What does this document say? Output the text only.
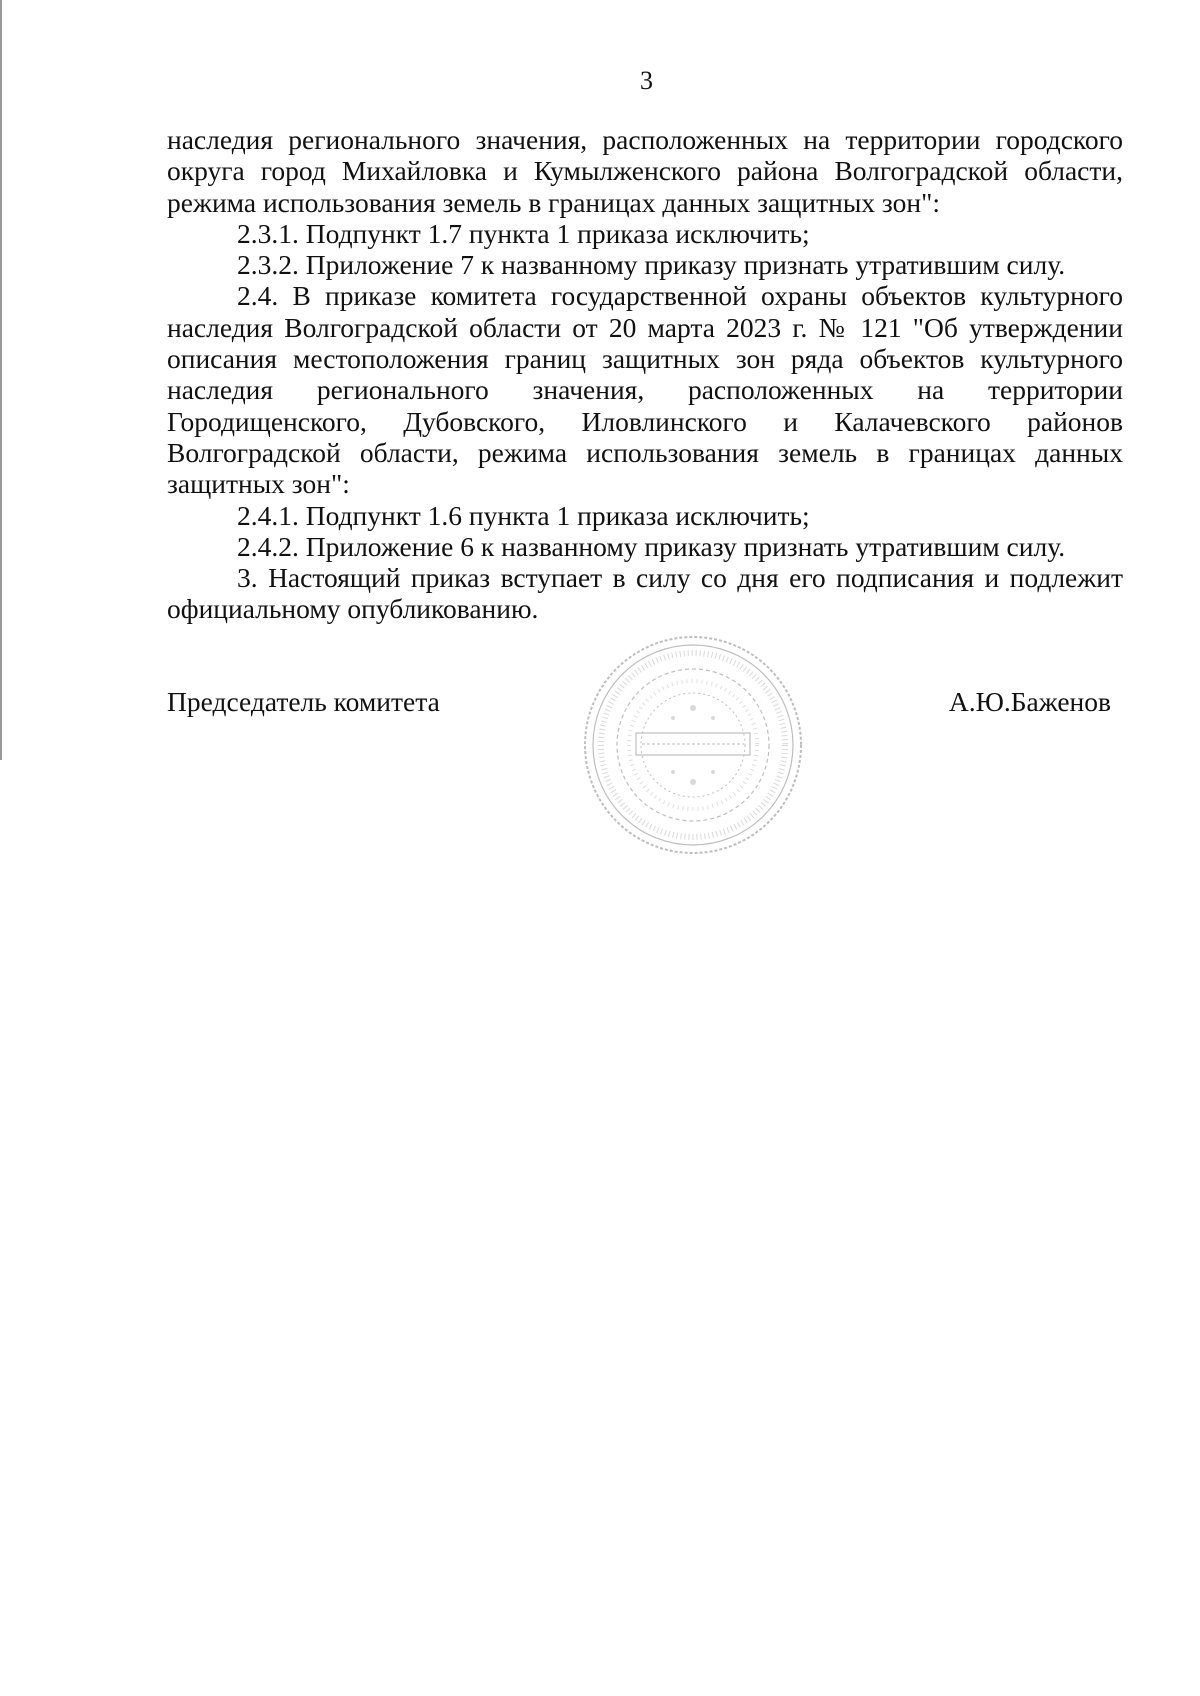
3

наследия регионального значения, расположенных на территории городского округа город Михайловка и Кумылженского района Волгоградской области, режима использования земель в границах данных защитных зон":

2.3.1. Подпункт 1.7 пункта 1 приказа исключить;

2.3.2. Приложение 7 к названному приказу признать утратившим силу.

2.4. В приказе комитета государственной охраны объектов культурного наследия Волгоградской области от 20 марта 2023 г. № 121 "Об утверждении описания местоположения границ защитных зон ряда объектов культурного наследия регионального значения, расположенных на территории Городищенского, Дубовского, Иловлинского и Калачевского районов Волгоградской области, режима использования земель в границах данных защитных зон":

2.4.1. Подпункт 1.6 пункта 1 приказа исключить;

2.4.2. Приложение 6 к названному приказу признать утратившим силу.

3. Настоящий приказ вступает в силу со дня его подписания и подлежит официальному опубликованию.

Председатель комитета	А.Ю.Баженов
